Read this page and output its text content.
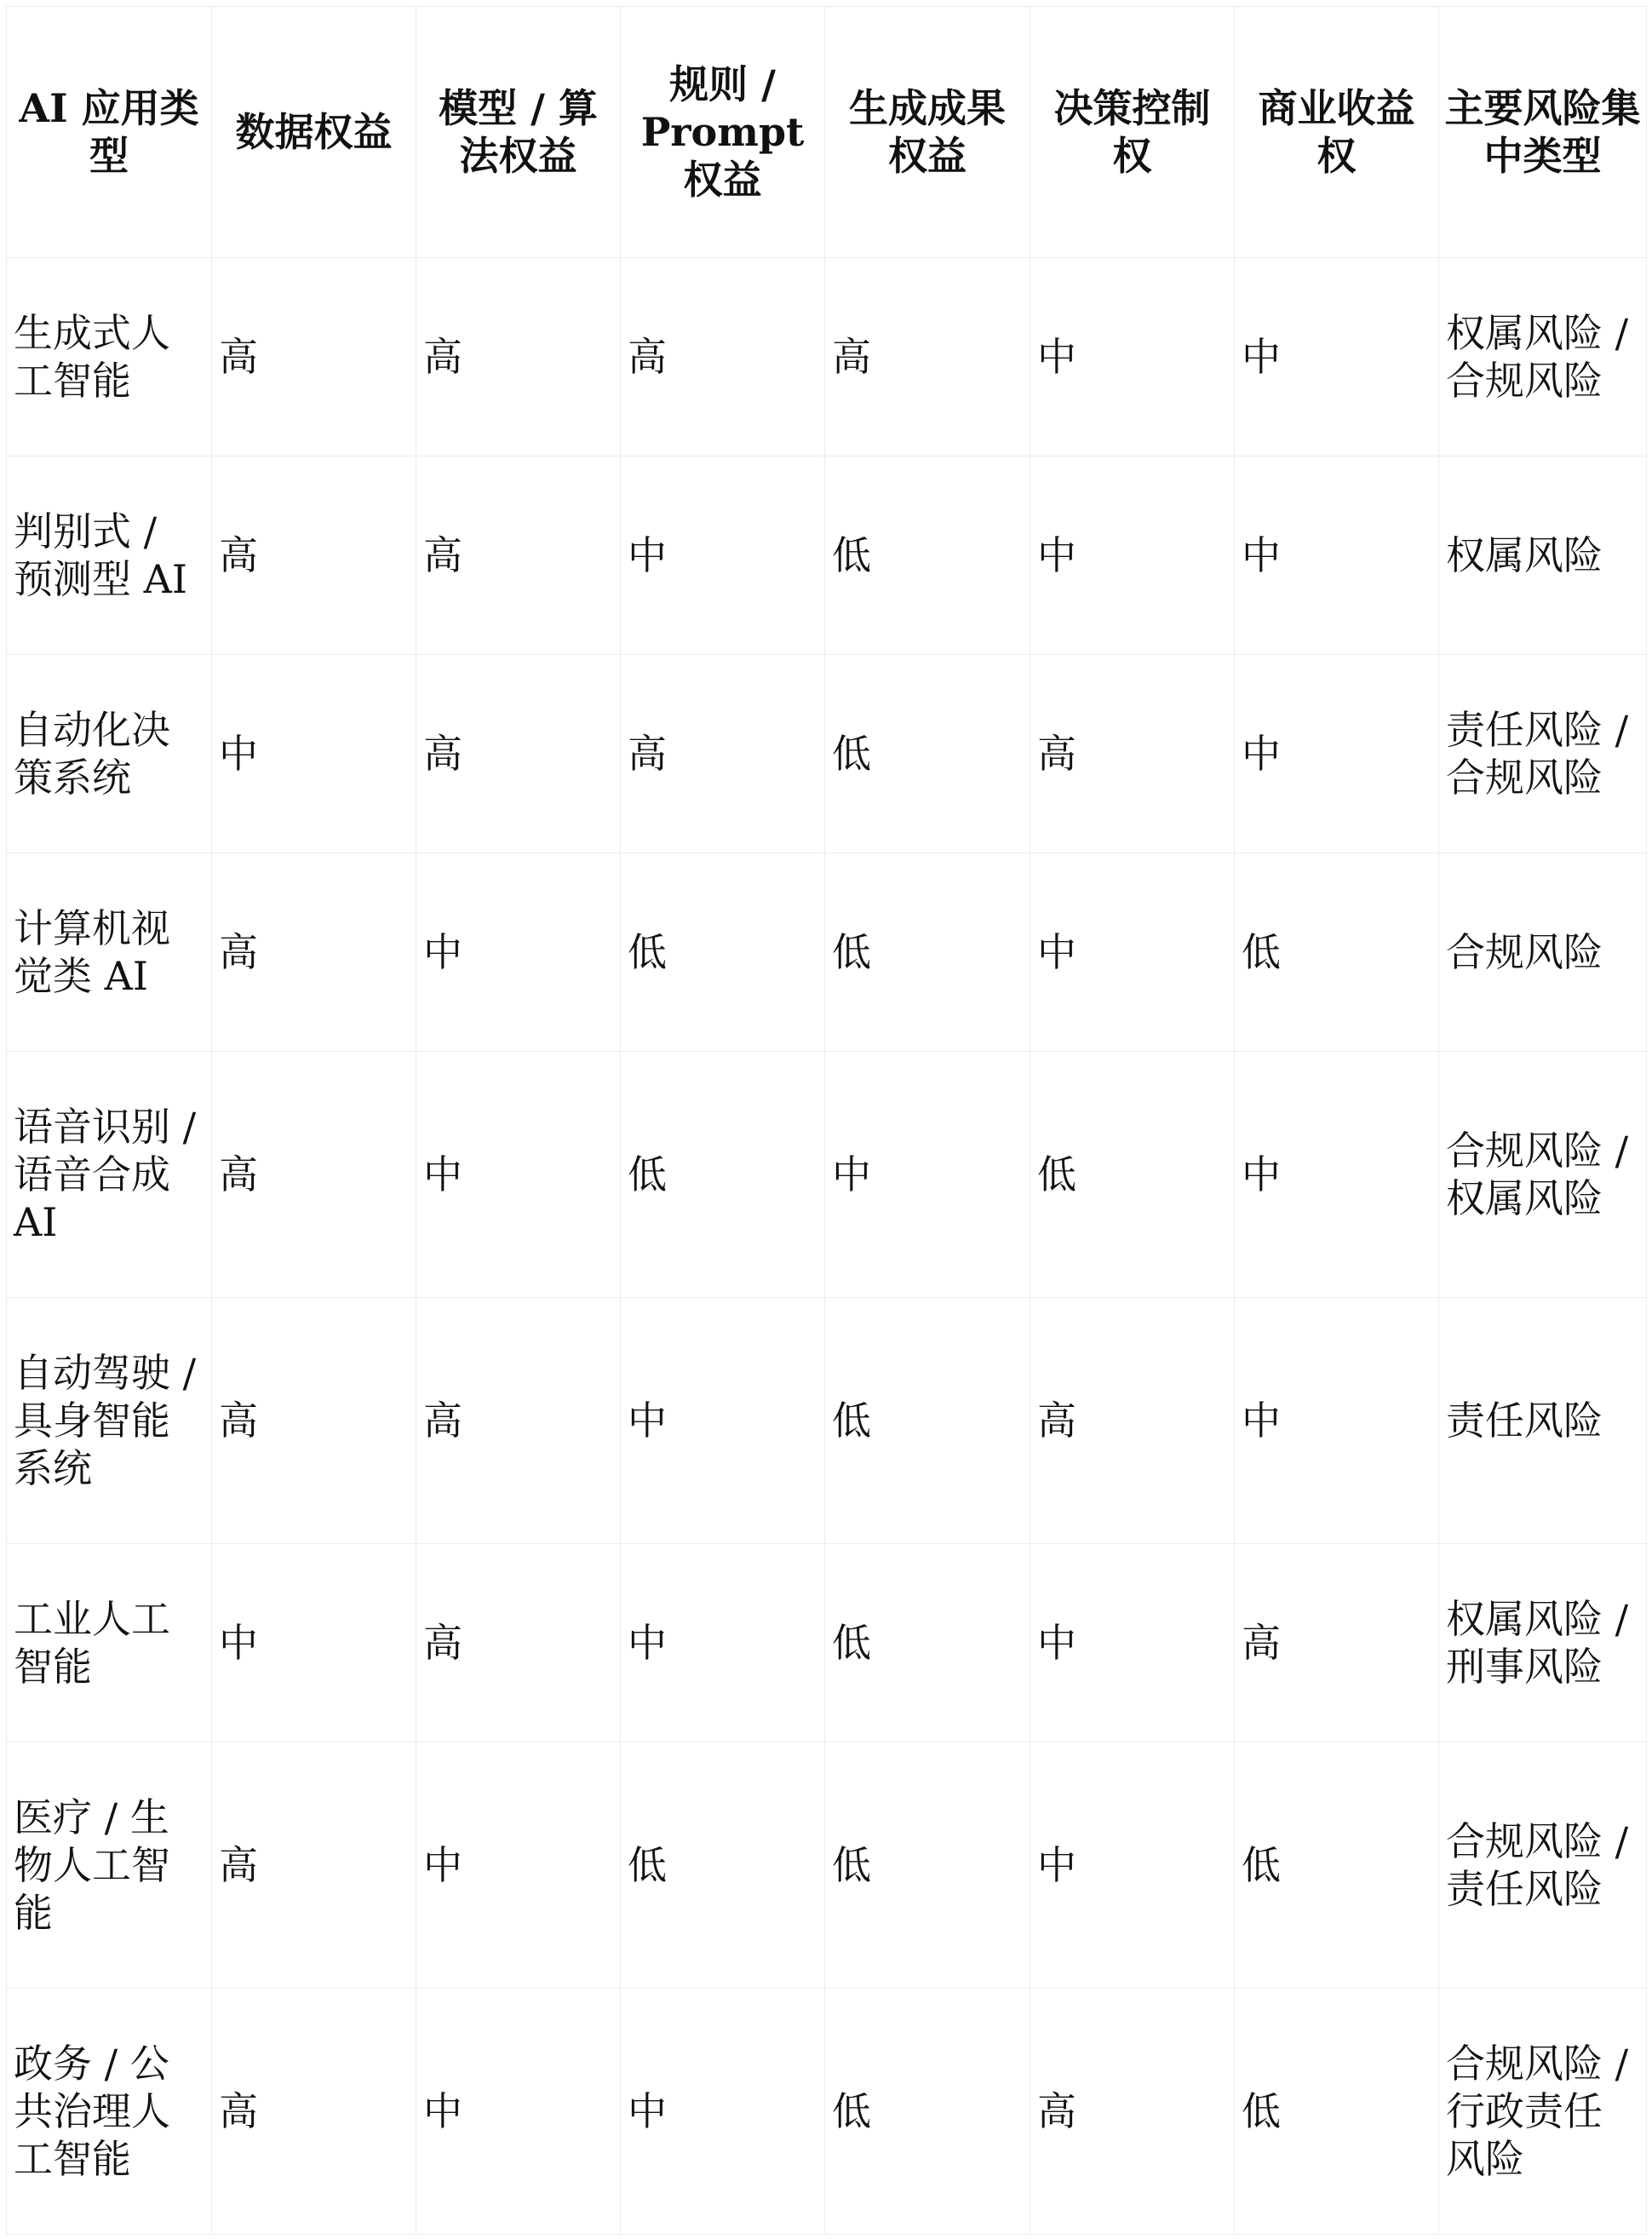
AI 应用类型	数据权益	模型 / 算法权益	规则 / Prompt 权益	生成成果权益	决策控制权	商业收益权	主要风险集中类型
生成式人工智能	高	高	高	高	中	中	权属风险 / 合规风险
判别式 / 预测型 AI	高	高	中	低	中	中	权属风险
自动化决策系统	中	高	高	低	高	中	责任风险 / 合规风险
计算机视觉类 AI	高	中	低	低	中	低	合规风险
语音识别 / 语音合成 AI	高	中	低	中	低	中	合规风险 / 权属风险
自动驾驶 / 具身智能系统	高	高	中	低	高	中	责任风险
工业人工智能	中	高	中	低	中	高	权属风险 / 刑事风险
医疗 / 生物人工智能	高	中	低	低	中	低	合规风险 / 责任风险
政务 / 公共治理人工智能	高	中	中	低	高	低	合规风险 / 行政责任风险
